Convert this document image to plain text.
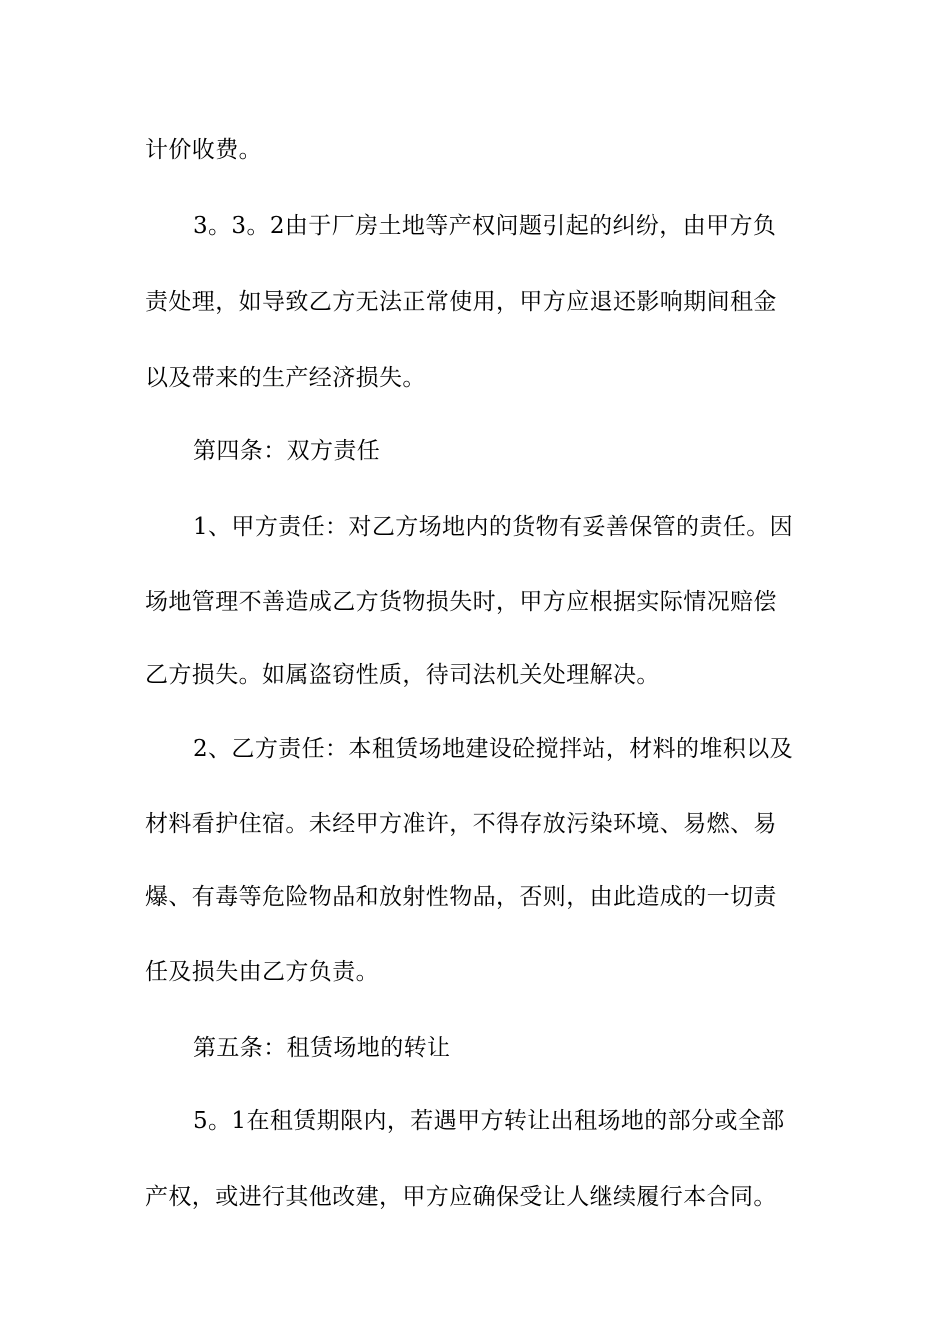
计价收费。
3。3。2由于厂房土地等产权问题引起的纠纷，由甲方负
责处理，如导致乙方无法正常使用，甲方应退还影响期间租金
以及带来的生产经济损失。
第四条：双方责任
1、甲方责任：对乙方场地内的货物有妥善保管的责任。因
场地管理不善造成乙方货物损失时，甲方应根据实际情况赔偿
乙方损失。如属盗窃性质，待司法机关处理解决。
2、乙方责任：本租赁场地建设砼搅拌站，材料的堆积以及
材料看护住宿。未经甲方准许，不得存放污染环境、易燃、易
爆、有毒等危险物品和放射性物品，否则，由此造成的一切责
任及损失由乙方负责。
第五条：租赁场地的转让
5。1在租赁期限内，若遇甲方转让出租场地的部分或全部
产权，或进行其他改建，甲方应确保受让人继续履行本合同。
